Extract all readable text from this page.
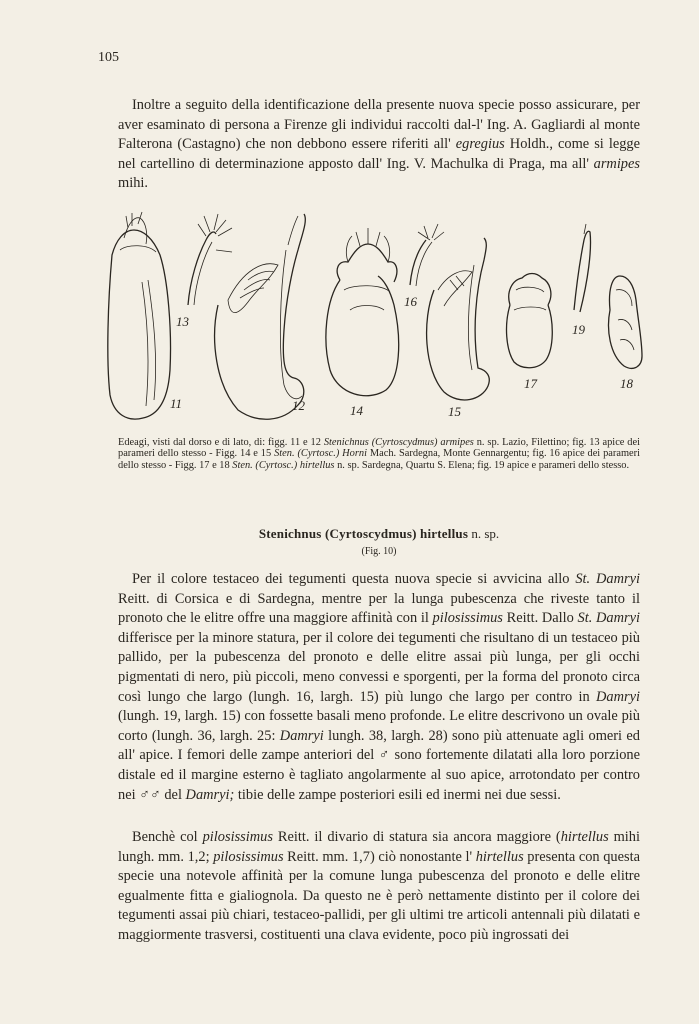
105
Inoltre a seguito della identificazione della presente nuova specie posso assicurare, per aver esaminato di persona a Firenze gli individui raccolti dal-l' Ing. A. Gagliardi al monte Falterona (Castagno) che non debbono essere riferiti all' egregius Holdh., come si legge nel cartellino di determinazione apposto dall' Ing. V. Machulka di Praga, ma all' armipes mihi.
11	12
13
14	15
16
17	18
19
Edeagi, visti dal dorso e di lato, di: figg. 11 e 12 Stenichnus (Cyrtoscydmus) armipes n. sp. Lazio, Filettino; fig. 13 apice dei parameri dello stesso - Figg. 14 e 15 Sten. (Cyrtosc.) Horni Mach. Sardegna, Monte Gennargentu; fig. 16 apice dei parameri dello stesso - Figg. 17 e 18 Sten. (Cyrtosc.) hirtellus n. sp. Sardegna, Quartu S. Elena; fig. 19 apice e parameri dello stesso.
Stenichnus (Cyrtoscydmus) hirtellus n. sp.
(Fig. 10)
Per il colore testaceo dei tegumenti questa nuova specie si avvicina allo St. Damryi Reitt. di Corsica e di Sardegna, mentre per la lunga pubescenza che riveste tanto il pronoto che le elitre offre una maggiore affinità con il pilosissimus Reitt. Dallo St. Damryi differisce per la minore statura, per il colore dei tegumenti che risultano di un testaceo più pallido, per la pubescenza del pronoto e delle elitre assai più lunga, per gli occhi pigmentati di nero, più piccoli, meno convessi e sporgenti, per la forma del pronoto circa così lungo che largo (lungh. 16, largh. 15) più lungo che largo per contro in Damryi (lungh. 19, largh. 15) con fossette basali meno profonde. Le elitre descrivono un ovale più corto (lungh. 36, largh. 25: Damryi lungh. 38, largh. 28) sono più attenuate agli omeri ed all' apice. I femori delle zampe anteriori del ♂ sono fortemente dilatati alla loro porzione distale ed il margine esterno è tagliato angolarmente al suo apice, arrotondato per contro nei ♂♂ del Damryi; tibie delle zampe posteriori esili ed inermi nei due sessi.
Benchè col pilosissimus Reitt. il divario di statura sia ancora maggiore (hirtellus mihi lungh. mm. 1,2; pilosissimus Reitt. mm. 1,7) ciò nonostante l' hirtellus presenta con questa specie una notevole affinità per la comune lunga pubescenza del pronoto e delle elitre egualmente fitta e gialiognola. Da questo ne è però nettamente distinto per il colore dei tegumenti assai più chiari, testaceo-pallidi, per gli ultimi tre articoli antennali più dilatati e maggiormente trasversi, costituenti una clava evidente, poco più ingrossati dei
